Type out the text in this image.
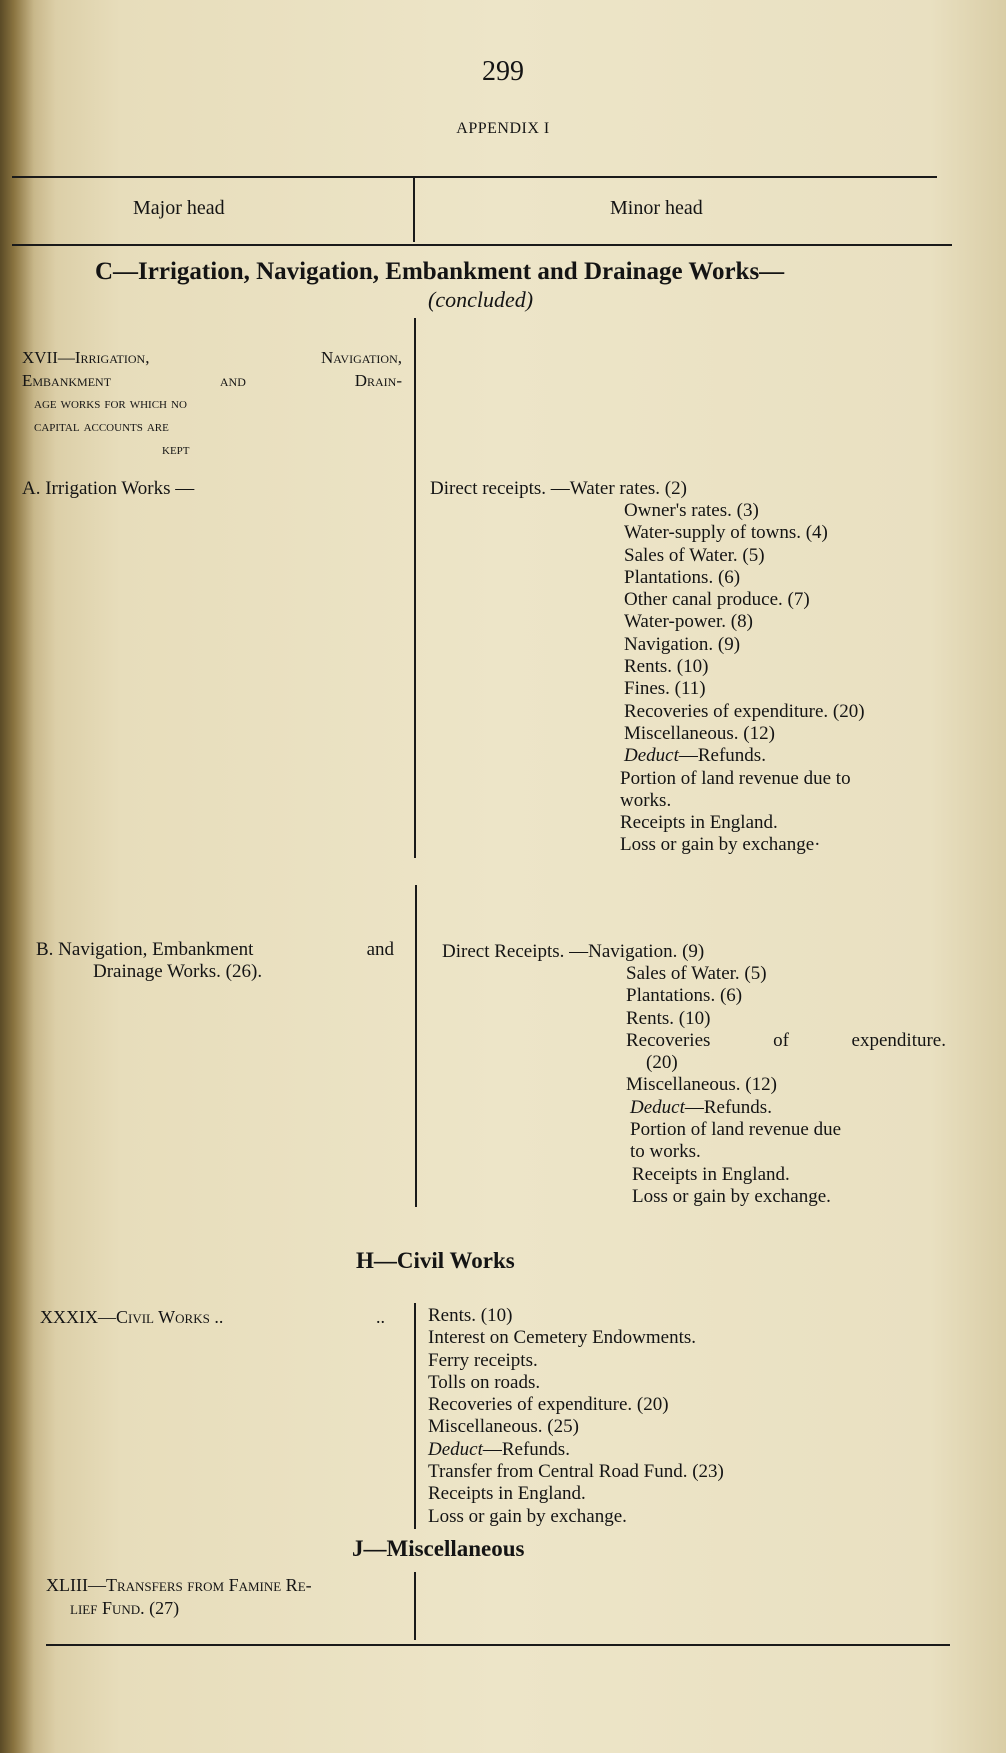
299
APPENDIX I
Major head	Minor head
C—Irrigation, Navigation, Embankment and Drainage Works—
(concluded)
XVII—Irrigation,	Navigation,
Embankment	and	Drain-
age works for which no
capital accounts are
kept
A. Irrigation Works —	Direct receipts. —Water rates. (2)
Owner's rates. (3)
Water-supply of towns. (4)
Sales of Water. (5)
Plantations. (6)
Other canal produce. (7)
Water-power. (8)
Navigation. (9)
Rents. (10)
Fines. (11)
Recoveries of expenditure. (20)
Miscellaneous. (12)
Deduct—Refunds.
Portion of land revenue due to
works.
Receipts in England.
Loss or gain by exchange·
B. Navigation, Embankment	and
Drainage Works. (26).
Direct Receipts. —Navigation. (9)
Sales of Water. (5)
Plantations. (6)
Rents. (10)
Recoveries	of	expenditure.
(20)
Miscellaneous. (12)
Deduct—Refunds.
Portion of land revenue due
to works.
Receipts in England.
Loss or gain by exchange.
H—Civil Works
XXXIX—Civil Works ..	.. Rents. (10)
Interest on Cemetery Endowments.
Ferry receipts.
Tolls on roads.
Recoveries of expenditure. (20)
Miscellaneous. (25)
Deduct—Refunds.
Transfer from Central Road Fund. (23)
Receipts in England.
Loss or gain by exchange.
J—Miscellaneous
XLIII—Transfers from Famine Re-
lief Fund. (27)
